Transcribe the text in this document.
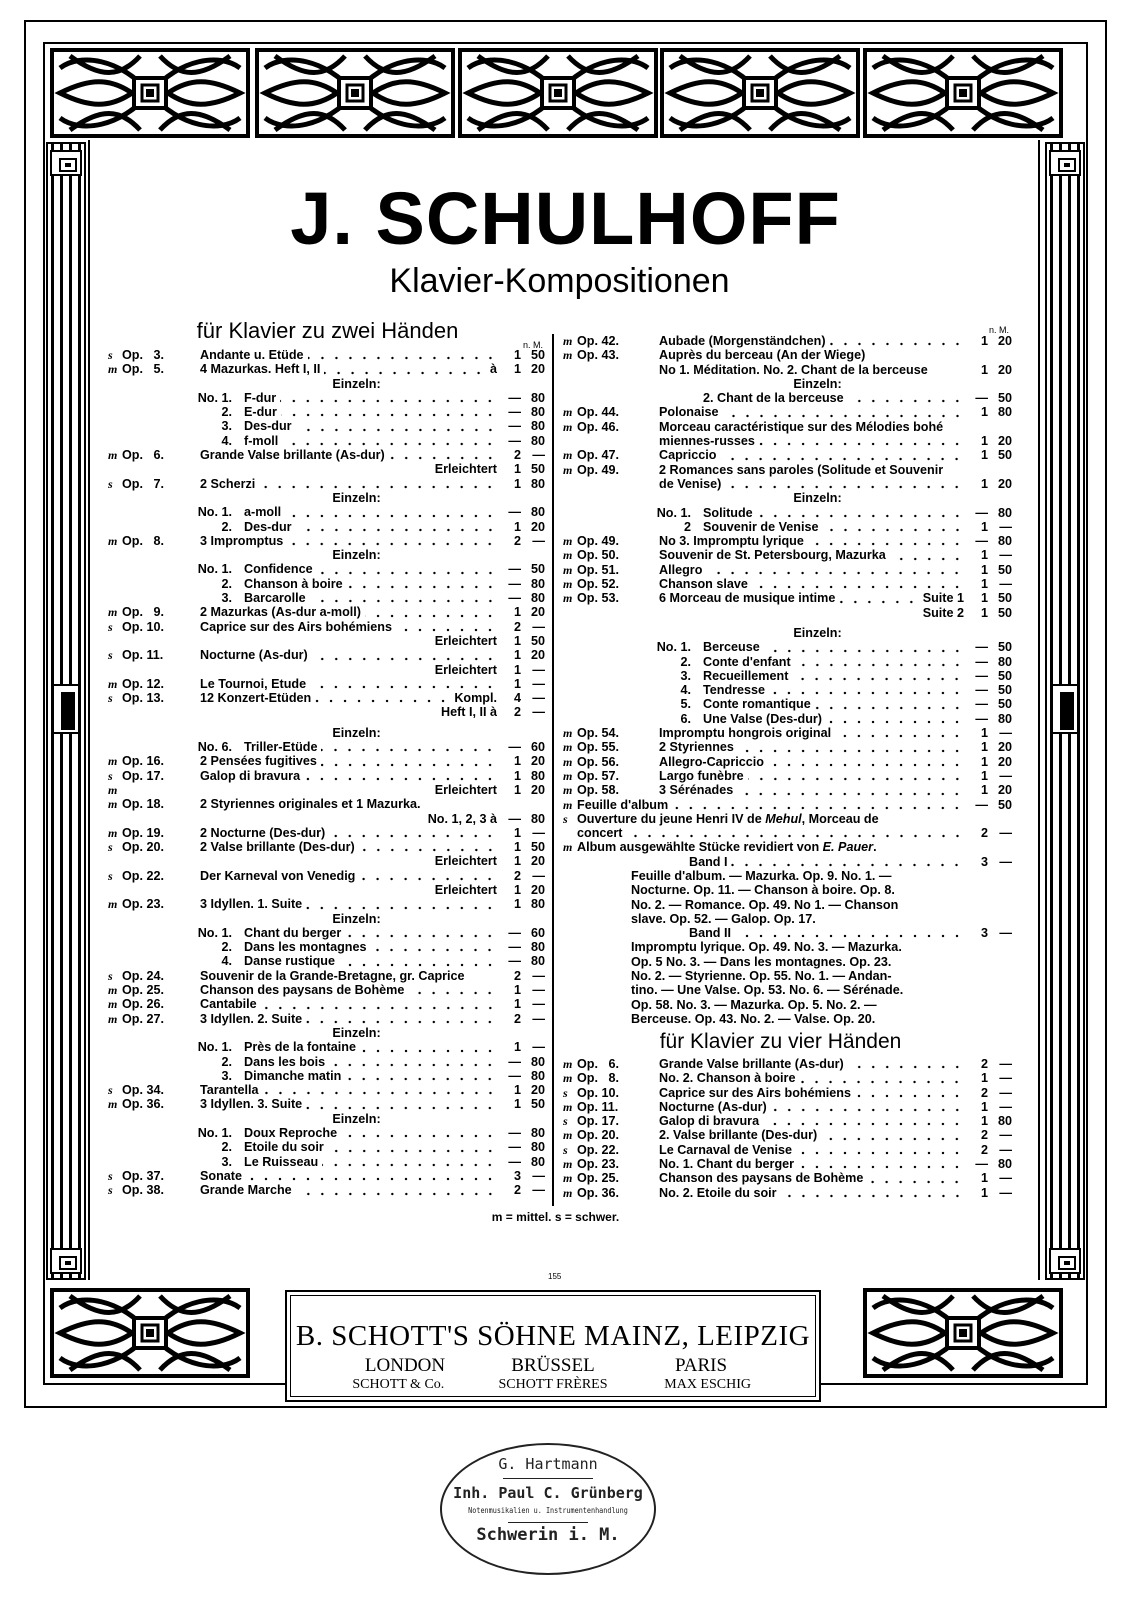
J. SCHULHOFF
Klavier-Kompositionen
für Klavier zu zwei Händen
n. M.
s Op.   3.	Andante u. Etüde	1 50
m Op.   5.	4 Mazurkas. Heft I, II	à	1 20
Einzeln:
No. 1. F-dur	— 80
2. E-dur	— 80
3. Des-dur	— 80
4. f-moll	— 80
m Op.   6.	Grande Valse brillante (As-dur)	2 —
Erleichtert	1 50
s Op.   7.	2 Scherzi	1 80
Einzeln:
No. 1. a-moll	— 80
2. Des-dur	1 20
m Op.   8.	3 Impromptus	2 —
Einzeln:
No. 1. Confidence	— 50
2. Chanson à boire	— 80
3. Barcarolle	— 80
m Op.   9.	2 Mazurkas (As-dur a-moll)	1 20
s Op. 10.	Caprice sur des Airs bohémiens	2 —
Erleichtert	1 50
s Op. 11.	Nocturne (As-dur)	1 20
Erleichtert	1 —
m Op. 12.	Le Tournoi, Etude	1 —
s Op. 13.	12 Konzert-Etüden	Kompl.	4 —
Heft I, II à	2 —
Einzeln:
No. 6. Triller-Etüde	— 60
m Op. 16.	2 Pensées fugitives	1 20
s Op. 17.	Galop di bravura	1 80
m	Erleichtert	1 20
m Op. 18.	2 Styriennes originales et 1 Mazurka.
No. 1, 2, 3 à — 80
m Op. 19.	2 Nocturne (Des-dur)	1 —
s Op. 20.	2 Valse brillante (Des-dur)	1 50
Erleichtert	1 20
s Op. 22.	Der Karneval von Venedig	2 —
Erleichtert	1 20
m Op. 23.	3 Idyllen. 1. Suite	1 80
Einzeln:
No. 1. Chant du berger	— 60
2. Dans les montagnes	— 80
4. Danse rustique	— 80
s Op. 24.	Souvenir de la Grande-Bretagne, gr. Caprice	2 —
m Op. 25.	Chanson des paysans de Bohème	1 —
m Op. 26.	Cantabile	1 —
m Op. 27.	3 Idyllen. 2. Suite	2 —
Einzeln:
No. 1. Près de la fontaine	1 —
2. Dans les bois	— 80
3. Dimanche matin	— 80
s Op. 34.	Tarantella	1 20
m Op. 36.	3 Idyllen. 3. Suite	1 50
Einzeln:
No. 1. Doux Reproche	— 80
2. Etoile du soir	— 80
3. Le Ruisseau	— 80
s Op. 37.	Sonate	3 —
s Op. 38.	Grande Marche	2 —
n. M.
m Op. 42.	Aubade (Morgenständchen)	1 20
m Op. 43.	Auprès du berceau (An der Wiege)
No 1. Méditation. No. 2. Chant de la berceuse	1 20
Einzeln:
2. Chant de la berceuse	— 50
m Op. 44.	Polonaise	1 80
m Op. 46.	Morceau caractéristique sur des Mélodies bohé
miennes-russes	1 20
m Op. 47.	Capriccio	1 50
m Op. 49.	2 Romances sans paroles (Solitude et Souvenir
de Venise)	1 20
Einzeln:
No. 1. Solitude	— 80
2 Souvenir de Venise	1 —
m Op. 49.	No 3. Impromptu lyrique	— 80
m Op. 50.	Souvenir de St. Petersbourg, Mazurka	1 —
m Op. 51.	Allegro	1 50
m Op. 52.	Chanson slave	1 —
m Op. 53.	6 Morceau de musique intime	Suite 1	1 50
Suite 2	1 50
Einzeln:
No. 1. Berceuse	— 50
2. Conte d'enfant	— 80
3. Recueillement	— 50
4. Tendresse	— 50
5. Conte romantique	— 50
6. Une Valse (Des-dur)	— 80
m Op. 54.	Impromptu hongrois original	1 —
m Op. 55.	2 Styriennes	1 20
m Op. 56.	Allegro-Capriccio	1 20
m Op. 57.	Largo funèbre	1 —
m Op. 58.	3 Sérénades	1 20
m Feuille d'album	— 50
s Ouverture du jeune Henri IV de Mehul, Morceau de
concert	2 —
m Album ausgewählte Stücke revidiert von E. Pauer.
Band I	3 —
Feuille d'album. — Mazurka. Op. 9. No. 1. —
Nocturne. Op. 11. — Chanson à boire. Op. 8.
No. 2. — Romance. Op. 49. No 1. — Chanson
slave. Op. 52. — Galop. Op. 17.
Band II	3 —
Impromptu lyrique. Op. 49. No. 3. — Mazurka.
Op. 5 No. 3. — Dans les montagnes. Op. 23.
No. 2. — Styrienne. Op. 55. No. 1. — Andan-
tino. — Une Valse. Op. 53. No. 6. — Sérénade.
Op. 58. No. 3. — Mazurka. Op. 5. No. 2. —
Berceuse. Op. 43. No. 2. — Valse. Op. 20.
für Klavier zu vier Händen
m Op.   6.	Grande Valse brillante (As-dur)	2 —
m Op.   8.	No. 2. Chanson à boire	1 —
s Op. 10.	Caprice sur des Airs bohémiens	2 —
m Op. 11.	Nocturne (As-dur)	1 —
s Op. 17.	Galop di bravura	1 80
m Op. 20.	2. Valse brillante (Des-dur)	2 —
s Op. 22.	Le Carnaval de Venise	2 —
m Op. 23.	No. 1. Chant du berger	— 80
m Op. 25.	Chanson des paysans de Bohème	1 —
m Op. 36.	No. 2. Etoile du soir	1 —
m = mittel. s = schwer.
155
B. SCHOTT'S SÖHNE MAINZ, LEIPZIG
LONDON	BRÜSSEL	PARIS
SCHOTT & Co.	SCHOTT FRÈRES	MAX ESCHIG
G. Hartmann
Inh. Paul C. Grünberg
Notenmusikalien u. Instrumentenhandlung
Schwerin i. M.
